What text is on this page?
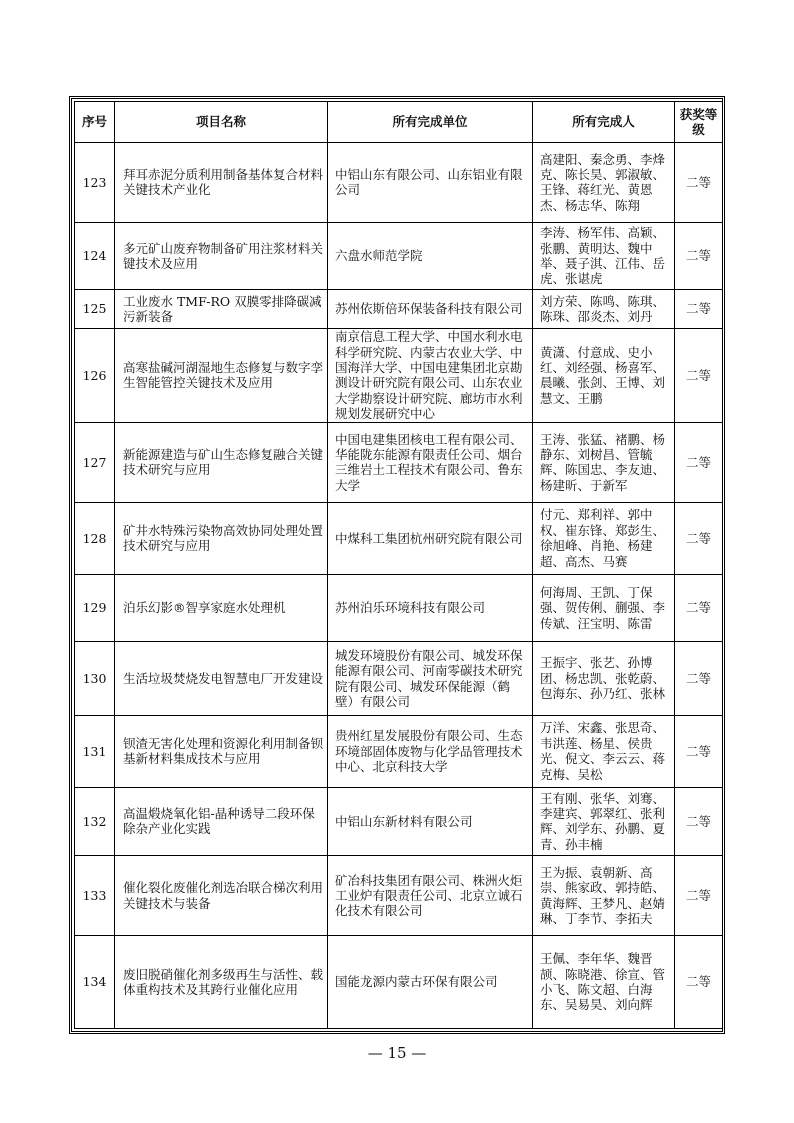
序号	项目名称	所有完成单位	所有完成人	获奖等级
123	拜耳赤泥分质利用制备基体复合材料关键技术产业化	中铝山东有限公司、山东铝业有限公司	高建阳、秦念勇、李烽克、陈长昊、郭淑敏、王锋、蒋红光、黄恩杰、杨志华、陈翔	二等
124	多元矿山废弃物制备矿用注浆材料关键技术及应用	六盘水师范学院	李涛、杨军伟、高颖、张鹏、黄明达、魏中举、聂子淇、江伟、岳虎、张谌虎	二等
125	工业废水 TMF-RO 双膜零排降碳减污新装备	苏州依斯倍环保装备科技有限公司	刘方荣、陈鸣、陈琪、陈珠、邵炎杰、刘丹	二等
126	高寒盐碱河湖湿地生态修复与数字孪生智能管控关键技术及应用	南京信息工程大学、中国水利水电科学研究院、内蒙古农业大学、中国海洋大学、中国电建集团北京勘测设计研究院有限公司、山东农业大学勘察设计研究院、廊坊市水利规划发展研究中心	黄潇、付意成、史小红、刘经强、杨喜军、晨曦、张剑、王博、刘慧文、王鹏	二等
127	新能源建造与矿山生态修复融合关键技术研究与应用	中国电建集团核电工程有限公司、华能陇东能源有限责任公司、烟台三维岩土工程技术有限公司、鲁东大学	王涛、张猛、褚鹏、杨静东、刘树昌、管毓辉、陈国忠、李友迪、杨建昕、于新军	二等
128	矿井水特殊污染物高效协同处理处置技术研究与应用	中煤科工集团杭州研究院有限公司	付元、郑利祥、郭中权、崔东锋、郑彭生、徐旭峰、肖艳、杨建超、高杰、马赛	二等
129	泊乐幻影®智享家庭水处理机	苏州泊乐环境科技有限公司	何海周、王凯、丁保强、贺传俐、蒯强、李传斌、汪宝明、陈雷	二等
130	生活垃圾焚烧发电智慧电厂开发建设	城发环境股份有限公司、城发环保能源有限公司、河南零碳技术研究院有限公司、城发环保能源（鹤壁）有限公司	王振宇、张艺、孙博团、杨忠凯、张乾蔚、包海东、孙乃红、张林	二等
131	钡渣无害化处理和资源化利用制备钡基新材料集成技术与应用	贵州红星发展股份有限公司、生态环境部固体废物与化学品管理技术中心、北京科技大学	万洋、宋鑫、张思奇、韦洪莲、杨星、侯贵光、倪文、李云云、蒋克梅、吴松	二等
132	高温煅烧氧化铝-晶种诱导二段环保除杂产业化实践	中铝山东新材料有限公司	王有刚、张华、刘骞、李建宾、郭翠红、张利辉、刘学东、孙鹏、夏青、孙丰楠	二等
133	催化裂化废催化剂选冶联合梯次利用关键技术与装备	矿冶科技集团有限公司、株洲火炬工业炉有限责任公司、北京立诚石化技术有限公司	王为振、袁朝新、高崇、熊家政、郭持皓、黄海辉、王梦凡、赵婧琳、丁李节、李拓夫	二等
134	废旧脱硝催化剂多级再生与活性、载体重构技术及其跨行业催化应用	国能龙源内蒙古环保有限公司	王佩、李年华、魏晋颉、陈晓港、徐宣、管小飞、陈文超、白海东、吴易昊、刘向辉	二等
— 15 —
